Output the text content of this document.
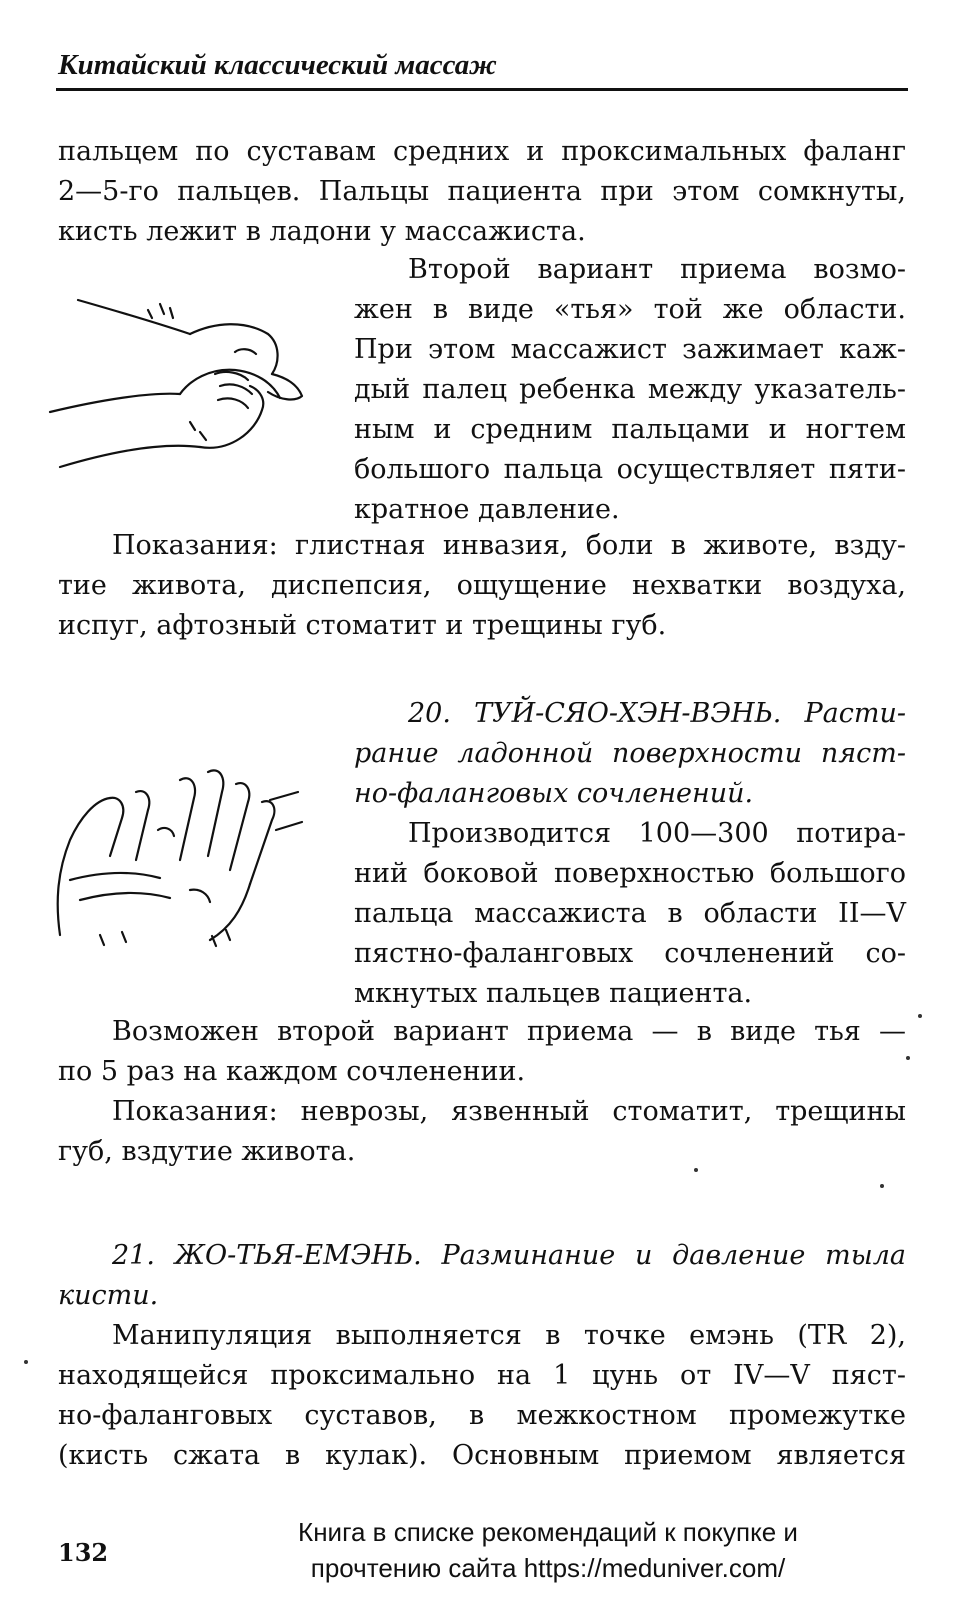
Китайский классический массаж
пальцем по суставам средних и проксимальных фаланг
2—5-го пальцев. Пальцы пациента при этом сомкнуты,
кисть лежит в ладони у массажиста.
Второй вариант приема возмо-
жен в виде «тья» той же области.
При этом массажист зажимает каж-
дый палец ребенка между указатель-
ным и средним пальцами и ногтем
большого пальца осуществляет пяти-
кратное давление.
Показания: глистная инвазия, боли в животе, взду-
тие живота, диспепсия, ощущение нехватки воздуха,
испуг, афтозный стоматит и трещины губ.
20. ТУЙ-СЯО-ХЭН-ВЭНЬ. Расти-
рание ладонной поверхности пяст-
но-фаланговых сочленений.
Производится 100—300 потира-
ний боковой поверхностью большого
пальца массажиста в области II—V
пястно-фаланговых сочленений со-
мкнутых пальцев пациента.
Возможен второй вариант приема — в виде тья —
по 5 раз на каждом сочленении.
Показания: неврозы, язвенный стоматит, трещины
губ, вздутие живота.
21. ЖО-ТЬЯ-ЕМЭНЬ. Разминание и давление тыла
кисти.
Манипуляция выполняется в точке емэнь (TR 2),
находящейся проксимально на 1 цунь от IV—V пяст-
но-фаланговых суставов, в межкостном промежутке
(кисть сжата в кулак). Основным приемом является
132
Книга в списке рекомендаций к покупке и
прочтению сайта https://meduniver.com/
